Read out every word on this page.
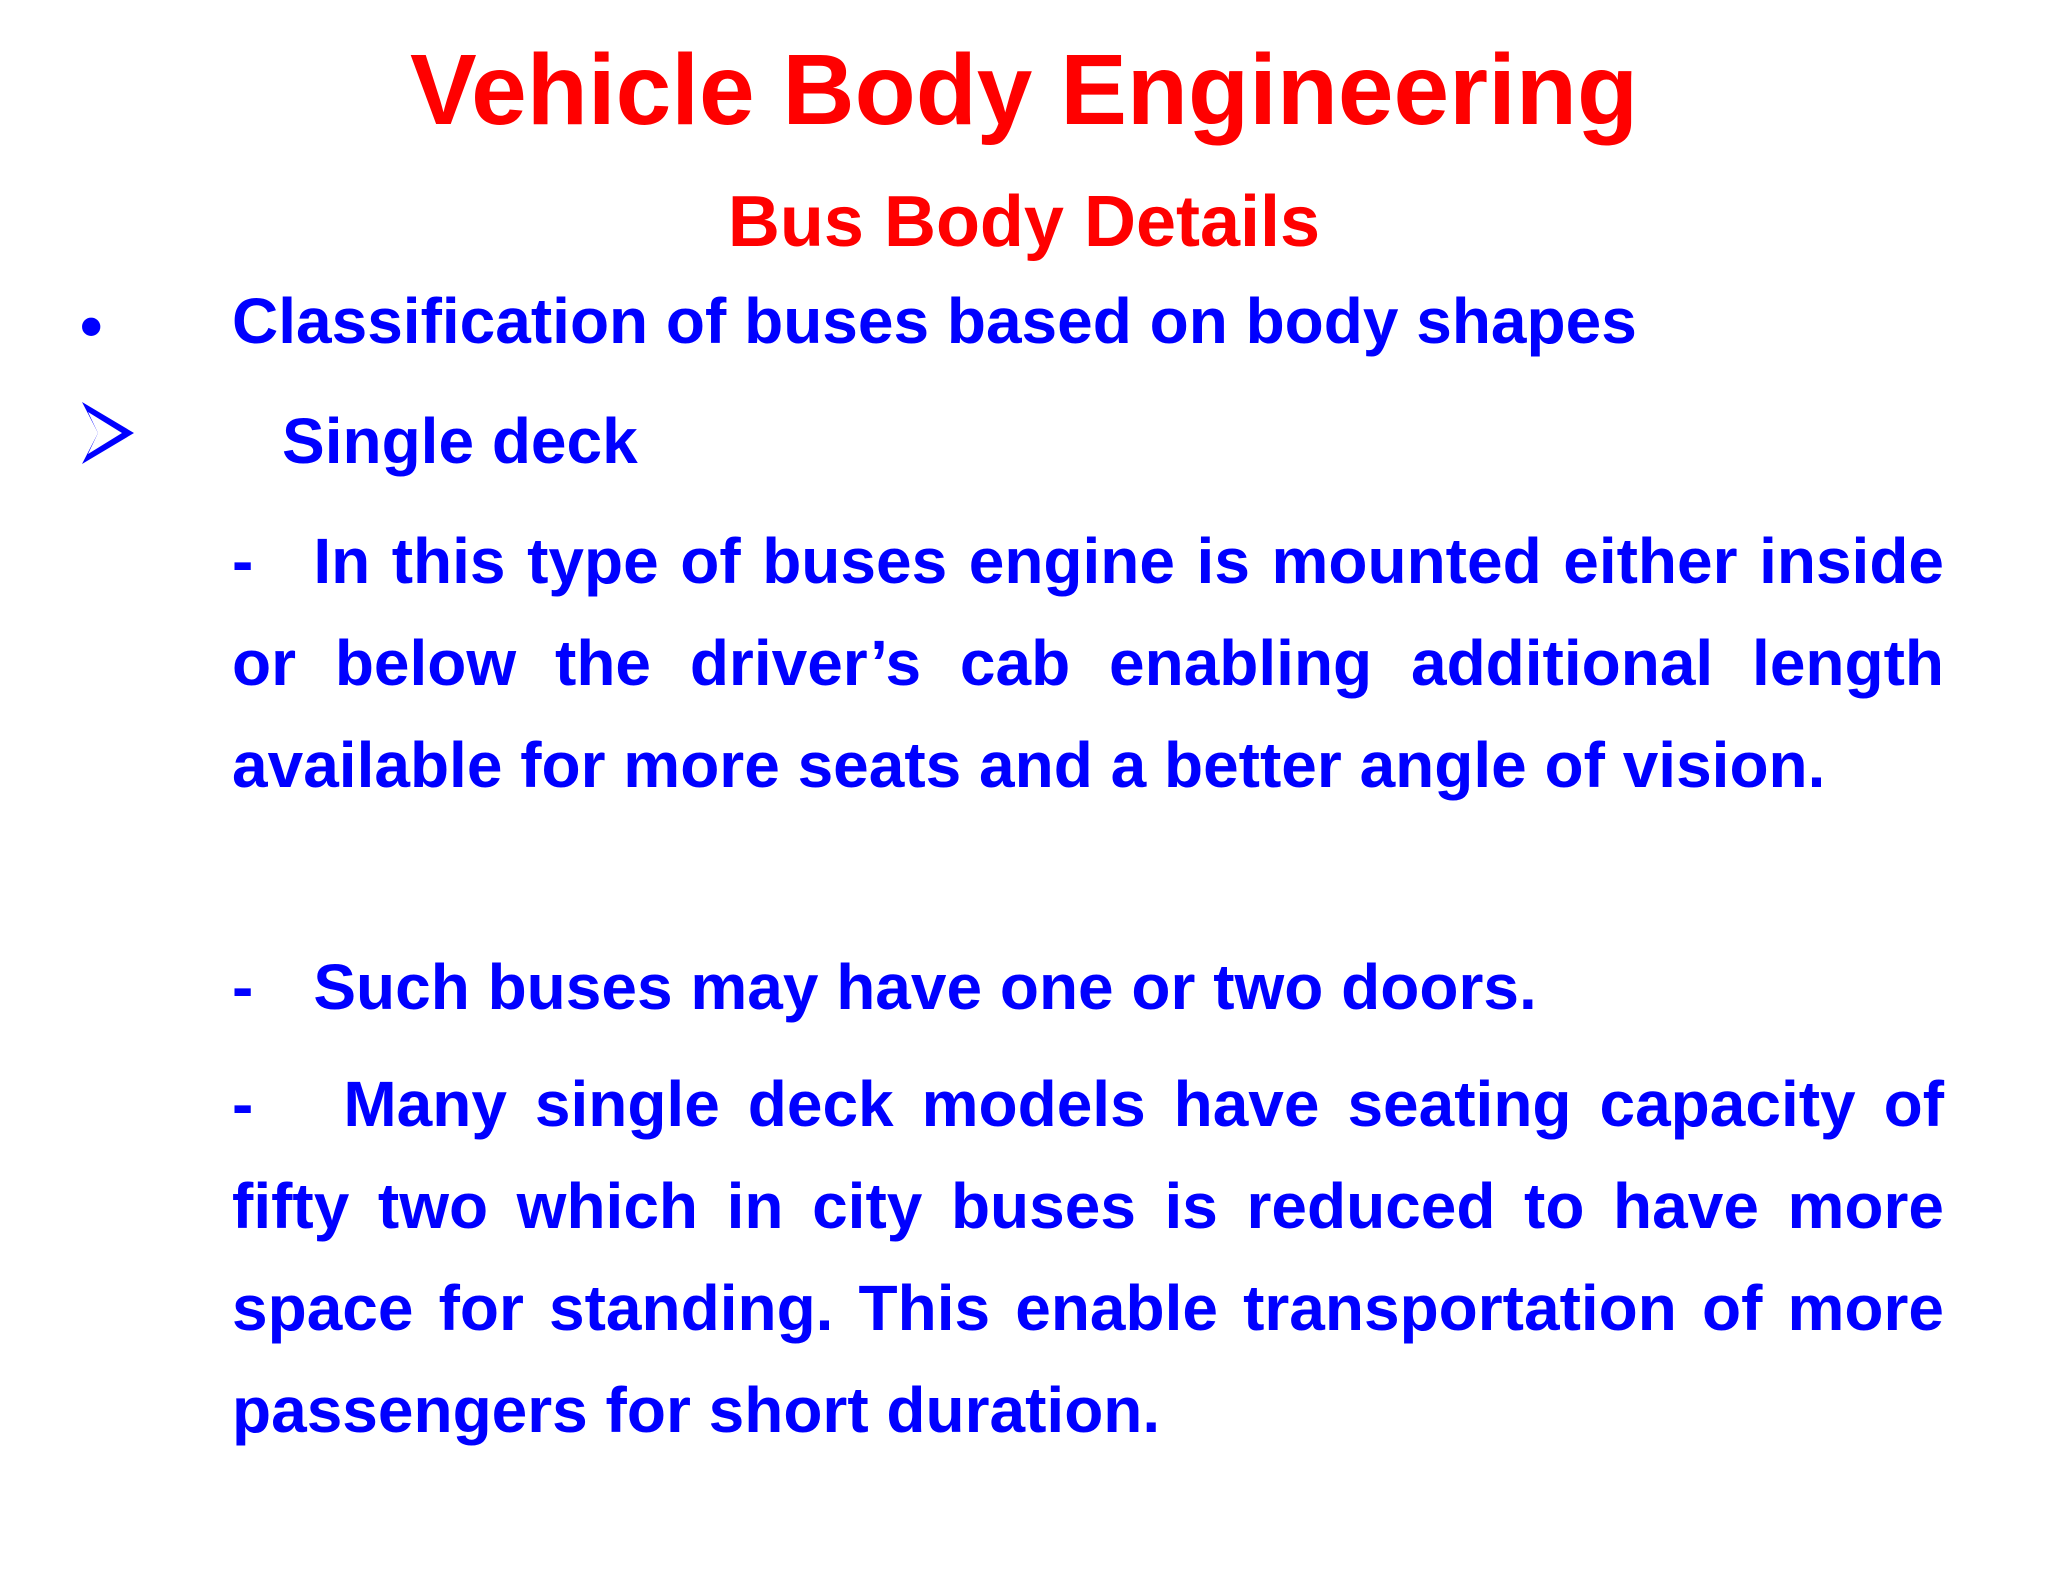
Vehicle Body Engineering
Bus Body Details
• Classification of buses based on body shapes
Single deck

- In this type of buses engine is mounted either inside or below the driver’s cab enabling additional length available for more seats and a better angle of vision.

- Such buses may have one or two doors.

- Many single deck models have seating capacity of fifty two which in city buses is reduced to have more space for standing. This enable transportation of more passengers for short duration.
